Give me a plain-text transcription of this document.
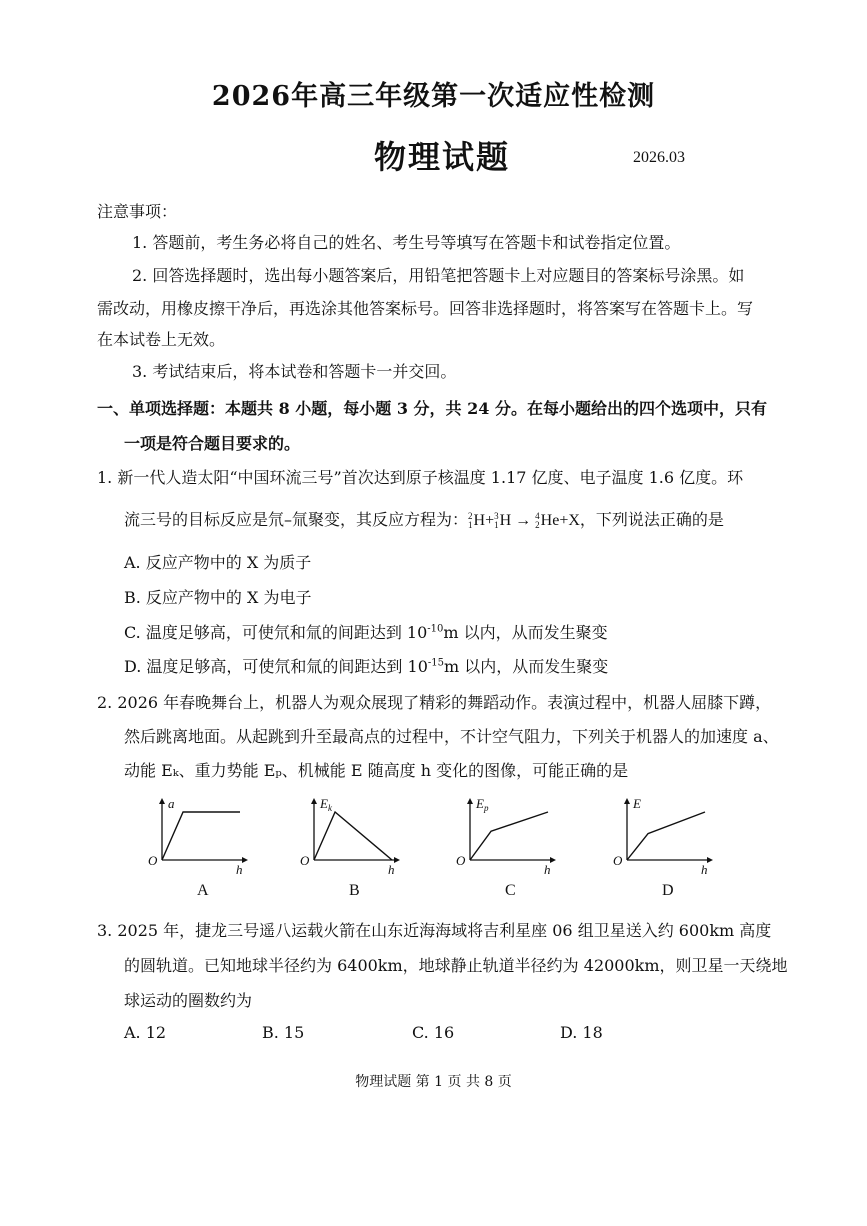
2026年高三年级第一次适应性检测
物理试题	2026.03
注意事项：
1. 答题前，考生务必将自己的姓名、考生号等填写在答题卡和试卷指定位置。
2. 回答选择题时，选出每小题答案后，用铅笔把答题卡上对应题目的答案标号涂黑。如
需改动，用橡皮擦干净后，再选涂其他答案标号。回答非选择题时，将答案写在答题卡上。写
在本试卷上无效。
3. 考试结束后，将本试卷和答题卡一并交回。
一、单项选择题：本题共 8 小题，每小题 3 分，共 24 分。在每小题给出的四个选项中，只有
一项是符合题目要求的。
1. 新一代人造太阳“中国环流三号”首次达到原子核温度 1.17 亿度、电子温度 1.6 亿度。环
流三号的目标反应是氘–氚聚变，其反应方程为： 2
1 H+ 3
1 H → 4
2 He+X，下列说法正确的是
A. 反应产物中的 X 为质子
B. 反应产物中的 X 为电子
C. 温度足够高，可使氘和氚的间距达到 $10^{-10}m$ 以内，从而发生聚变
D. 温度足够高，可使氘和氚的间距达到 $10^{-15}m$ 以内，从而发生聚变
2. 2026 年春晚舞台上，机器人为观众展现了精彩的舞蹈动作。表演过程中，机器人屈膝下蹲，
然后跳离地面。从起跳到升至最高点的过程中，不计空气阻力，下列关于机器人的加速度 a、
动能 Eₖ、重力势能 Eₚ、机械能 E 随高度 h 变化的图像，可能正确的是
O
a
h
A
O
$E_k$
h
B
O
$E_p$
h
C
O
E
h
D
3. 2025 年，捷龙三号遥八运载火箭在山东近海海域将吉利星座 06 组卫星送入约 600km 高度
的圆轨道。已知地球半径约为 6400km，地球静止轨道半径约为 42000km，则卫星一天绕地
球运动的圈数约为
A. 12	B. 15	C. 16	D. 18
物理试题 第 1 页 共 8 页
